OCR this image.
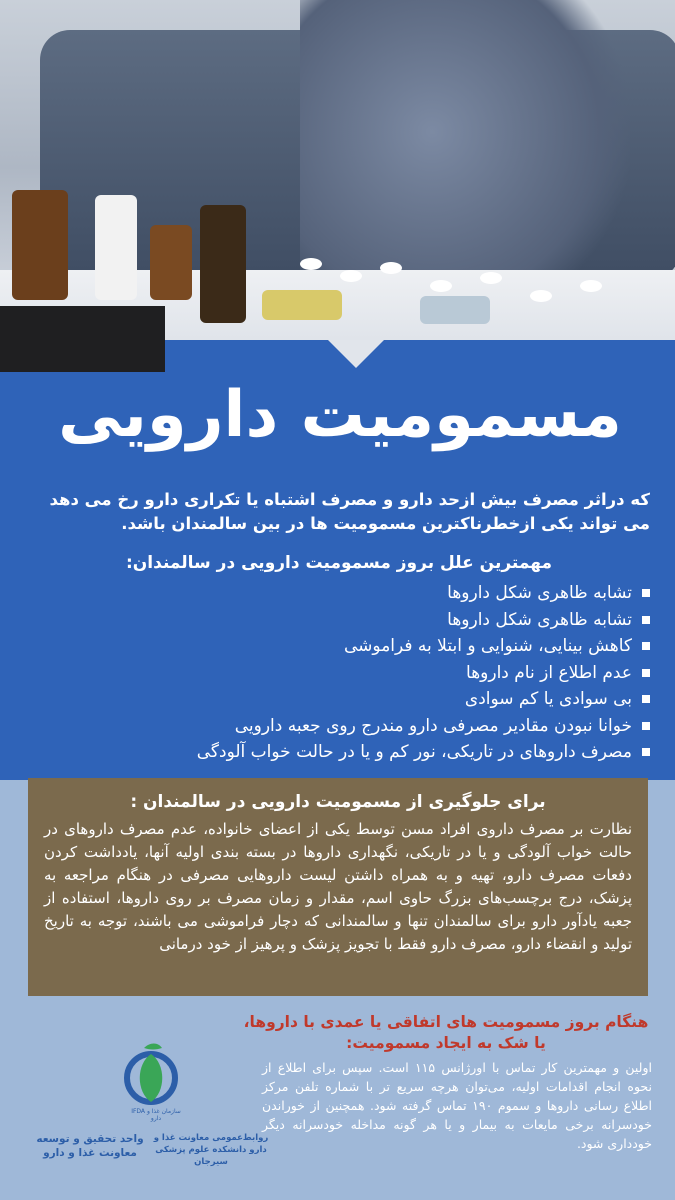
مسمومیت دارویی
که دراثر مصرف بیش ازحد دارو و مصرف اشتباه یا تکراری دارو رخ می دهد می تواند یکی ازخطرناکترین مسمومیت ها در بین سالمندان باشد.
مهمترین علل بروز مسمومیت دارویی در سالمندان:
تشابه ظاهری شکل داروها
تشابه ظاهری شکل داروها
کاهش بینایی، شنوایی و ابتلا به فراموشی
عدم اطلاع از نام داروها
بی سوادی یا کم سوادی
خوانا نبودن مقادیر مصرفی دارو مندرج روی جعبه دارویی
مصرف داروهای در تاریکی، نور کم و یا در حالت خواب آلودگی
برای جلوگیری از مسمومیت دارویی در سالمندان :

نظارت بر مصرف داروی افراد مسن توسط یکی از اعضای خانواده، عدم مصرف داروهای در حالت خواب آلودگی و یا در تاریکی، نگهداری داروها در بسته بندی اولیه آنها، یادداشت کردن دفعات مصرف دارو، تهیه و به همراه داشتن لیست داروهایی مصرفی در هنگام مراجعه به پزشک، درج برچسب‌های بزرگ حاوی اسم، مقدار و زمان مصرف بر روی داروها، استفاده از جعبه یادآور دارو برای سالمندان تنها و سالمندانی که دچار فراموشی می باشند، توجه به تاریخ تولید و انقضاء دارو، مصرف دارو فقط با تجویز پزشک و پرهیز از خود درمانی

هنگام بروز مسمومیت های اتفاقی یا عمدی با داروها، یا شک به ایجاد مسمومیت:
اولین و مهمترین کار تماس با اورژانس ۱۱۵ است. سپس برای اطلاع از نحوه انجام اقدامات اولیه، می‌توان هرچه سریع تر با شماره تلفن مرکز اطلاع رسانی داروها و سموم ۱۹۰ تماس گرفته شود. همچنین از خوراندن خودسرانه برخی مایعات به بیمار و یا هر گونه مداخله خودسرانه دیگر خودداری شود.
IFDA سازمان غذا و دارو
واحد تحقیق و توسعه معاونت غذا و دارو
روابط‌عمومی معاونت غذا و دارو دانشکده علوم پزشکی سیرجان
